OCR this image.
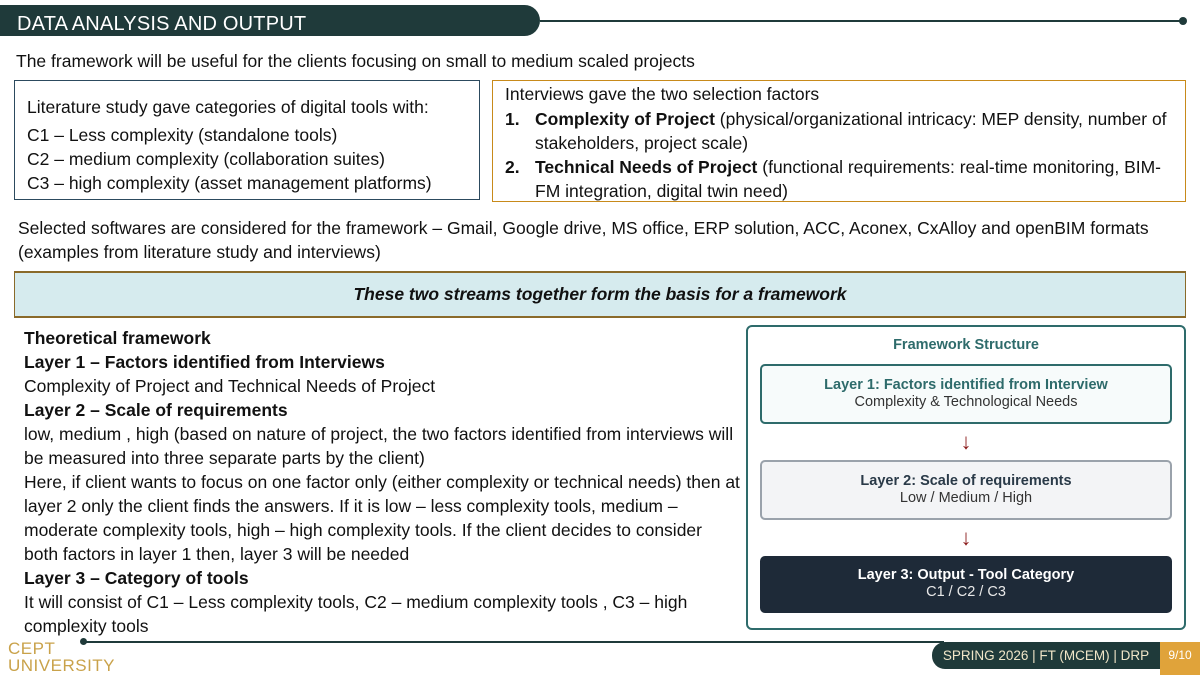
DATA ANALYSIS AND OUTPUT
The framework will be useful for the clients focusing on small to medium scaled projects
Literature study gave categories of digital tools with:
C1 – Less complexity (standalone tools)
C2 – medium complexity (collaboration suites)
C3 – high complexity (asset management platforms)
Interviews gave the two selection factors
1. Complexity of Project (physical/organizational intricacy: MEP density, number of stakeholders, project scale)
2. Technical Needs of Project (functional requirements: real-time monitoring, BIM-FM integration, digital twin need)
Selected softwares are considered for the framework – Gmail, Google drive, MS office, ERP solution, ACC, Aconex, CxAlloy and openBIM formats (examples from literature study and interviews)
These two streams together form the basis for a framework
Theoretical framework
Layer 1 – Factors identified from Interviews
Complexity of Project and Technical Needs of Project
Layer 2 – Scale of requirements
low, medium , high (based on nature of project, the two factors identified from interviews will be measured into three separate parts by the client)
Here, if client wants to focus on one factor only (either complexity or technical needs) then at layer 2 only the client finds the answers. If it is low – less complexity tools, medium – moderate complexity tools, high – high complexity tools. If the client decides to consider both factors in layer 1 then, layer 3 will be needed
Layer 3 – Category of tools
It will consist of C1 – Less complexity tools, C2 – medium complexity tools , C3 – high complexity tools
Framework Structure
Layer 1: Factors identified from Interview
Complexity & Technological Needs
↓
Layer 2: Scale of requirements
Low / Medium / High
↓
Layer 3: Output - Tool Category
C1 / C2 / C3
CEPT
UNIVERSITY
SPRING 2026 | FT (MCEM) | DRP	9/10
